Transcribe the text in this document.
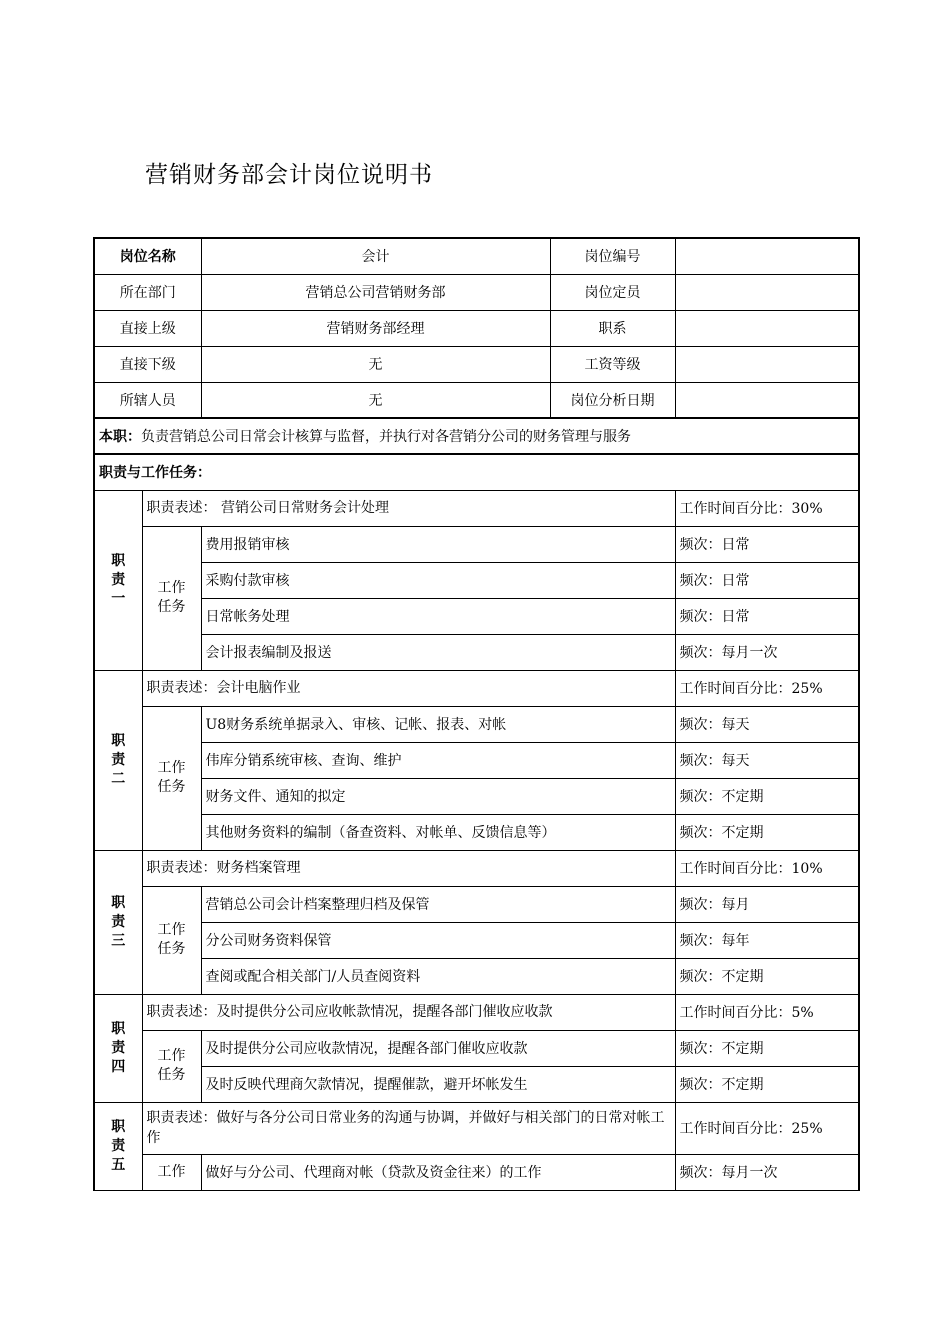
营销财务部会计岗位说明书
岗位名称		会计	岗位编号	
所在部门		营销总公司营销财务部	岗位定员	
直接上级		营销财务部经理	职系	
直接下级		无	工资等级	
所辖人员		无	岗位分析日期	
本职：负责营销总公司日常会计核算与监督，并执行对各营销分公司的财务管理与服务				
职责与工作任务：				

职责一	职责表述： 营销公司日常财务会计处理			工作时间百分比：30%
	工作任务	费用报销审核		频次：日常
		采购付款审核		频次：日常
		日常帐务处理		频次：日常
		会计报表编制及报送		频次：每月一次

职责二	职责表述：会计电脑作业			工作时间百分比：25%
	工作任务	U8财务系统单据录入、审核、记帐、报表、对帐		频次：每天
		伟库分销系统审核、查询、维护		频次：每天
		财务文件、通知的拟定		频次：不定期
		其他财务资料的编制（备查资料、对帐单、反馈信息等）		频次：不定期

职责三	职责表述：财务档案管理			工作时间百分比：10%
	工作任务	营销总公司会计档案整理归档及保管		频次：每月
		分公司财务资料保管		频次：每年
		查阅或配合相关部门/人员查阅资料		频次：不定期

职责四	职责表述：及时提供分公司应收帐款情况，提醒各部门催收应收款			工作时间百分比：5%
	工作任务	及时提供分公司应收款情况，提醒各部门催收应收款		频次：不定期
		及时反映代理商欠款情况，提醒催款，避开坏帐发生		频次：不定期

职责五	职责表述：做好与各分公司日常业务的沟通与协调，并做好与相关部门的日常对帐工作			工作时间百分比：25%
	工作	做好与分公司、代理商对帐（贷款及资金往来）的工作		频次：每月一次
